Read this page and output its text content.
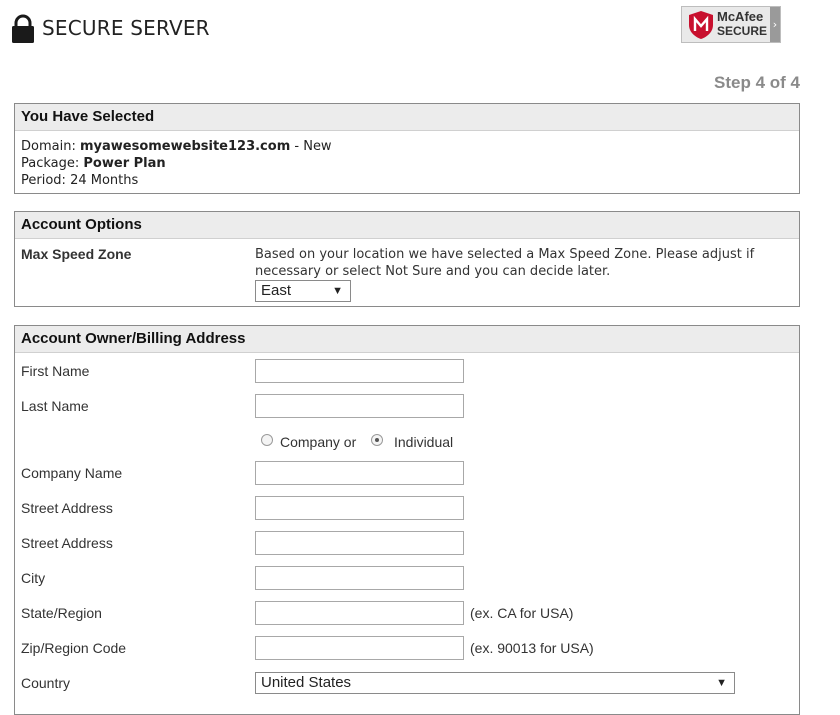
SECURE SERVER	McAfee
SECURE ›
Step 4 of 4
You Have Selected
Domain: myawesomewebsite123.com - New
Package: Power Plan
Period: 24 Months
Account Options
Max Speed Zone	Based on your location we have selected a Max Speed Zone. Please adjust if necessary or select Not Sure and you can decide later.
East	▼
Account Owner/Billing Address
First Name
Last Name
Company or	Individual
Company Name
Street Address
Street Address
City
State/Region	(ex. CA for USA)
Zip/Region Code	(ex. 90013 for USA)
Country	United States	▼
